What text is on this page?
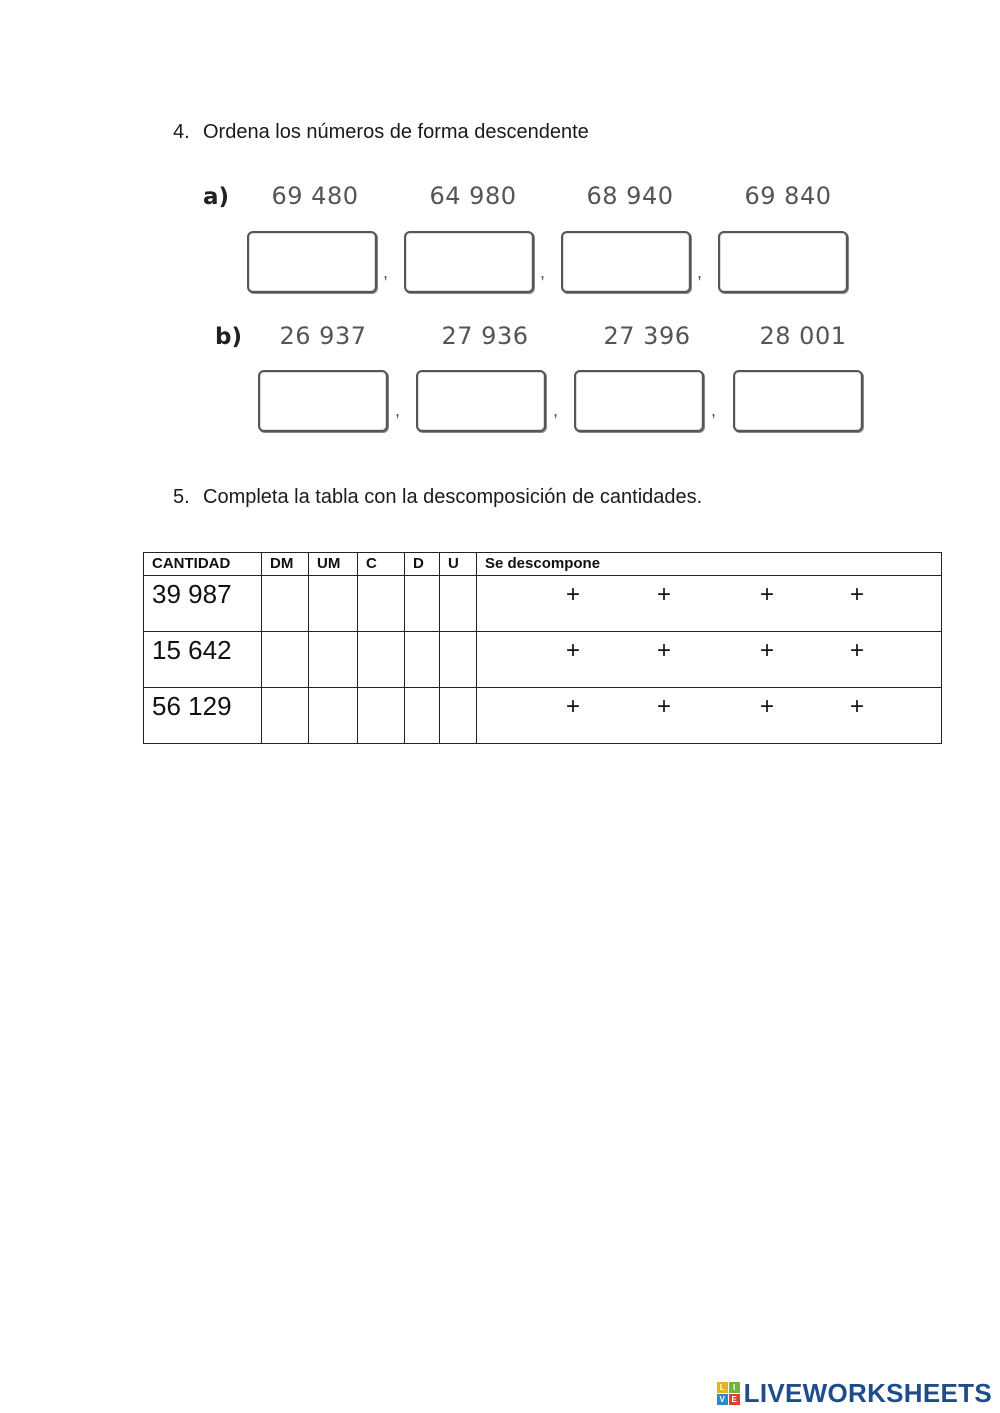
4. Ordena los números de forma descendente
a)	69 480	64 980	68 940	69 840
,	,	,
b)	26 937	27 936	27 396	28 001
,	,	,
5. Completa la tabla con la descomposición de cantidades.
CANTIDAD	DM	UM	C	D	U	Se descompone
39 987						+ + + +

15 642						+ + + +

56 129						+ + + +
L	I
V E LIVEWORKSHEETS
